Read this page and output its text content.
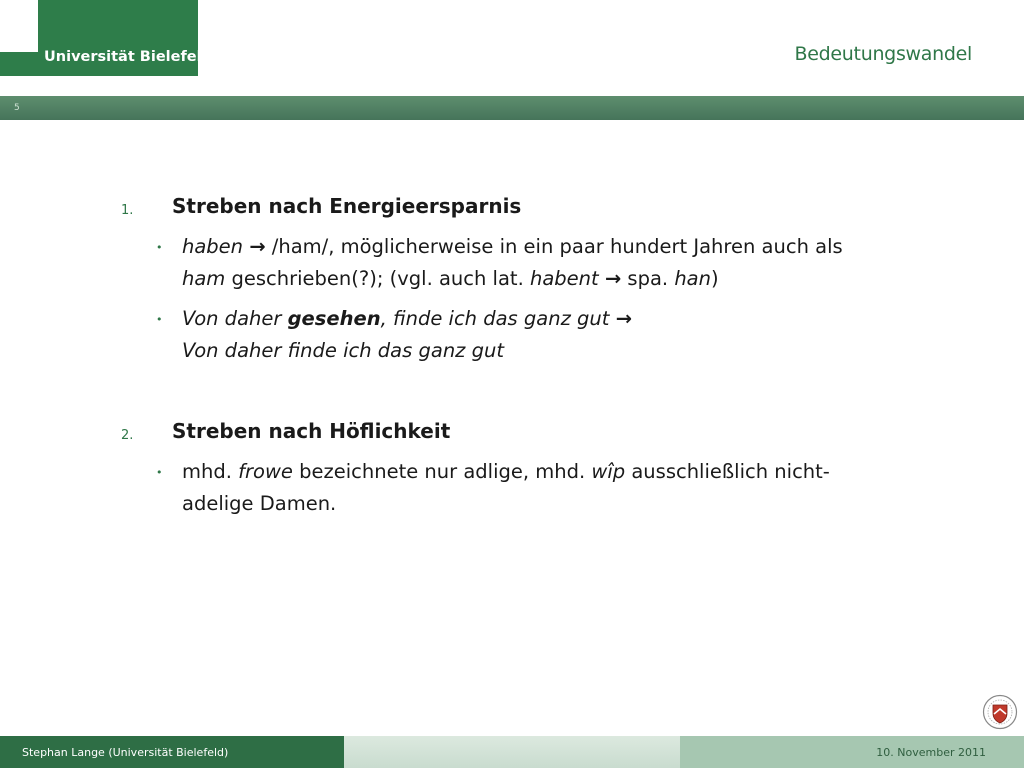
Universität Bielefeld	Bedeutungswandel
5
1. Streben nach Energieersparnis
• haben → /ham/, möglicherweise in ein paar hundert Jahren auch als
ham geschrieben(?); (vgl. auch lat. habent → spa. han)
• Von daher gesehen, finde ich das ganz gut →
Von daher finde ich das ganz gut
2. Streben nach Höflichkeit
• mhd. frowe bezeichnete nur adlige, mhd. wîp ausschließlich nicht-
adelige Damen.
Stephan Lange (Universität Bielefeld)	10. November 2011
